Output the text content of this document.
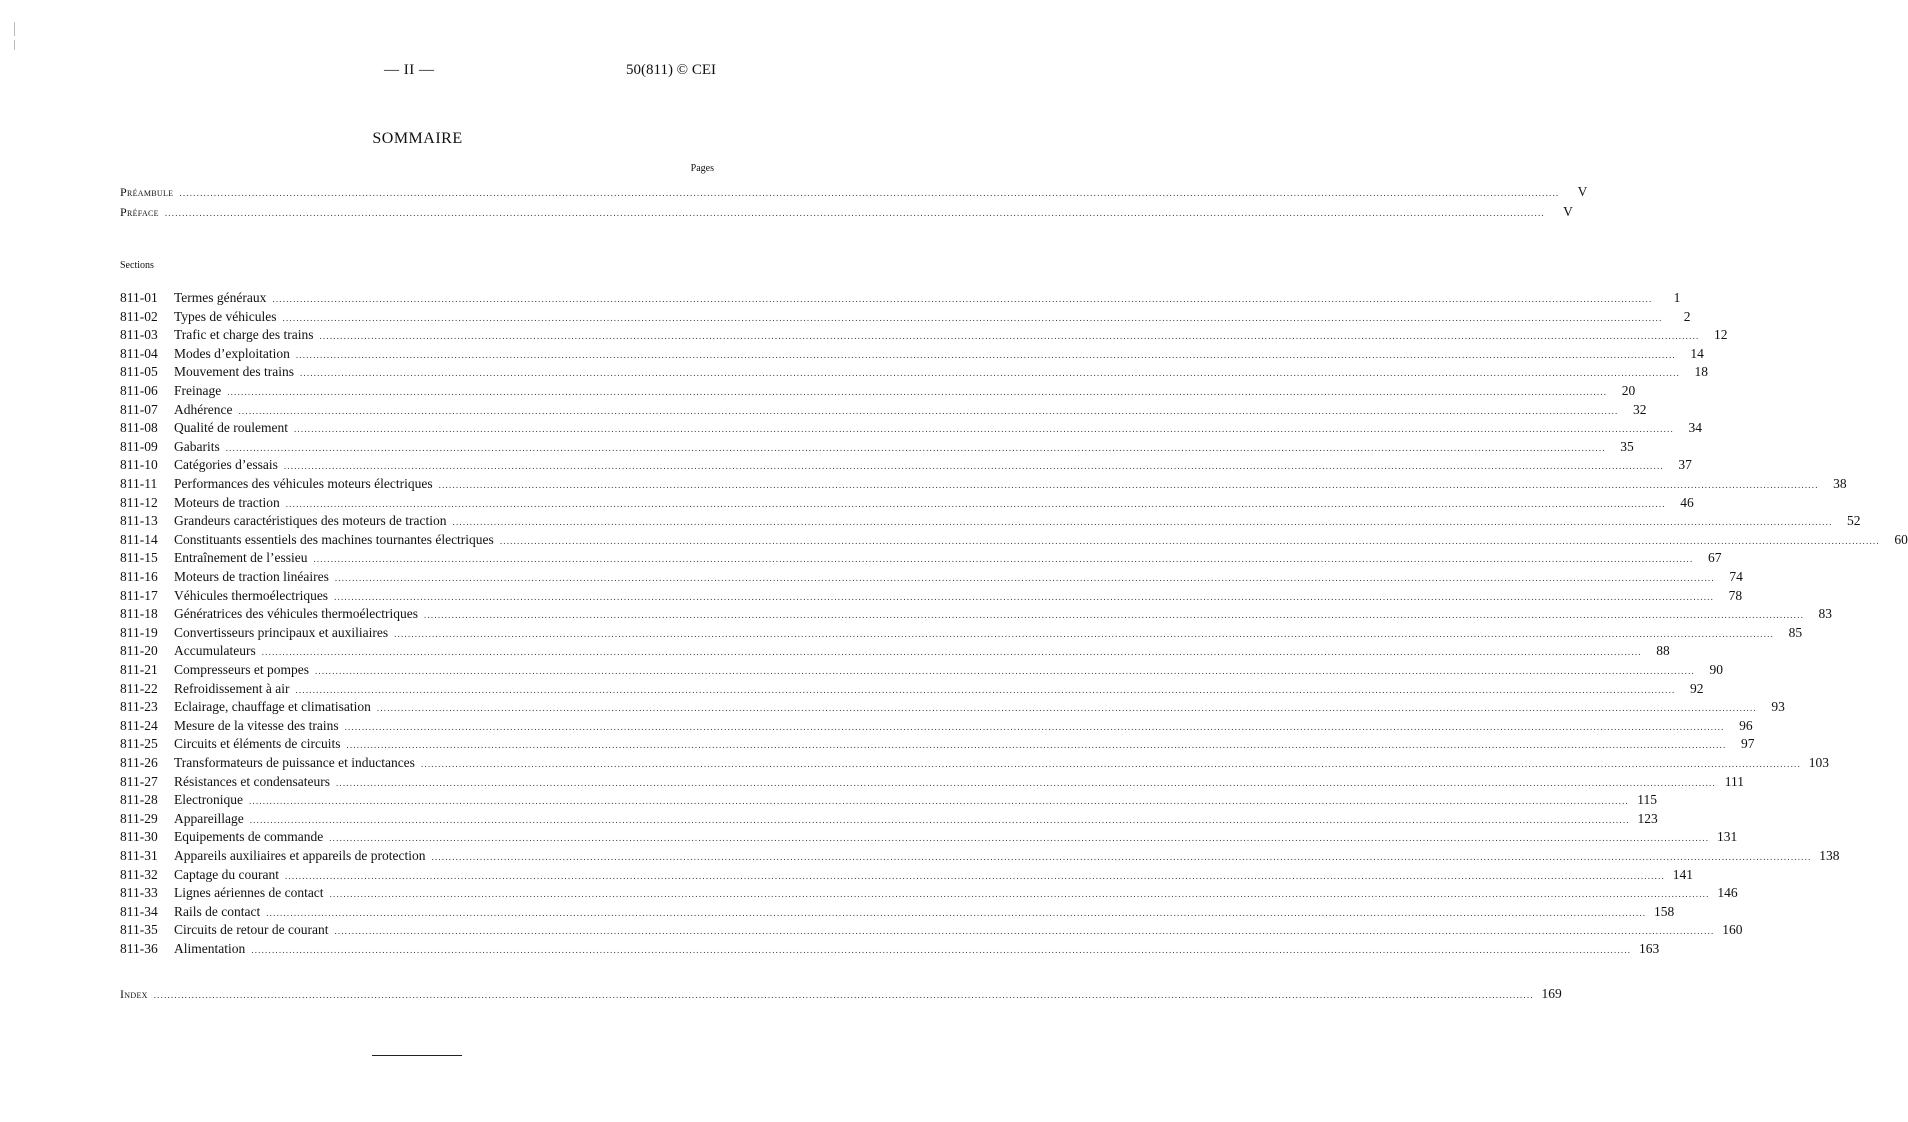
— II —	50(811) © CEI
SOMMAIRE
Pages
Préambule ................................................................................................................................................................................................................................................................................................................................................................................................................	V
Préface ................................................................................................................................................................................................................................................................................................................................................................................................................	V
Sections
811-01	Termes généraux ................................................................................................................................................................................................................................................................................................................................................................................................................	1
811-02	Types de véhicules ................................................................................................................................................................................................................................................................................................................................................................................................................	2
811-03	Trafic et charge des trains ................................................................................................................................................................................................................................................................................................................................................................................................................	12
811-04	Modes d’exploitation ................................................................................................................................................................................................................................................................................................................................................................................................................	14
811-05	Mouvement des trains ................................................................................................................................................................................................................................................................................................................................................................................................................	18
811-06	Freinage ................................................................................................................................................................................................................................................................................................................................................................................................................	20
811-07	Adhérence ................................................................................................................................................................................................................................................................................................................................................................................................................	32
811-08	Qualité de roulement ................................................................................................................................................................................................................................................................................................................................................................................................................	34
811-09	Gabarits ................................................................................................................................................................................................................................................................................................................................................................................................................	35
811-10	Catégories d’essais ................................................................................................................................................................................................................................................................................................................................................................................................................	37
811-11	Performances des véhicules moteurs électriques ................................................................................................................................................................................................................................................................................................................................................................................................................	38
811-12	Moteurs de traction ................................................................................................................................................................................................................................................................................................................................................................................................................	46
811-13	Grandeurs caractéristiques des moteurs de traction ................................................................................................................................................................................................................................................................................................................................................................................................................	52
811-14	Constituants essentiels des machines tournantes électriques ................................................................................................................................................................................................................................................................................................................................................................................................................	60
811-15	Entraînement de l’essieu ................................................................................................................................................................................................................................................................................................................................................................................................................	67
811-16	Moteurs de traction linéaires ................................................................................................................................................................................................................................................................................................................................................................................................................	74
811-17	Véhicules thermoélectriques ................................................................................................................................................................................................................................................................................................................................................................................................................	78
811-18	Génératrices des véhicules thermoélectriques ................................................................................................................................................................................................................................................................................................................................................................................................................	83
811-19	Convertisseurs principaux et auxiliaires ................................................................................................................................................................................................................................................................................................................................................................................................................	85
811-20	Accumulateurs ................................................................................................................................................................................................................................................................................................................................................................................................................	88
811-21	Compresseurs et pompes ................................................................................................................................................................................................................................................................................................................................................................................................................	90
811-22	Refroidissement à air ................................................................................................................................................................................................................................................................................................................................................................................................................	92
811-23	Eclairage, chauffage et climatisation ................................................................................................................................................................................................................................................................................................................................................................................................................	93
811-24	Mesure de la vitesse des trains ................................................................................................................................................................................................................................................................................................................................................................................................................	96
811-25	Circuits et éléments de circuits ................................................................................................................................................................................................................................................................................................................................................................................................................	97
811-26	Transformateurs de puissance et inductances ................................................................................................................................................................................................................................................................................................................................................................................................................ 103
811-27	Résistances et condensateurs ................................................................................................................................................................................................................................................................................................................................................................................................................ 111
811-28	Electronique ................................................................................................................................................................................................................................................................................................................................................................................................................ 115
811-29	Appareillage ................................................................................................................................................................................................................................................................................................................................................................................................................ 123
811-30	Equipements de commande ................................................................................................................................................................................................................................................................................................................................................................................................................ 131
811-31	Appareils auxiliaires et appareils de protection ................................................................................................................................................................................................................................................................................................................................................................................................................ 138
811-32	Captage du courant ................................................................................................................................................................................................................................................................................................................................................................................................................ 141
811-33	Lignes aériennes de contact ................................................................................................................................................................................................................................................................................................................................................................................................................ 146
811-34	Rails de contact ................................................................................................................................................................................................................................................................................................................................................................................................................ 158
811-35	Circuits de retour de courant ................................................................................................................................................................................................................................................................................................................................................................................................................ 160
811-36	Alimentation ................................................................................................................................................................................................................................................................................................................................................................................................................ 163
Index ................................................................................................................................................................................................................................................................................................................................................................................................................ 169
